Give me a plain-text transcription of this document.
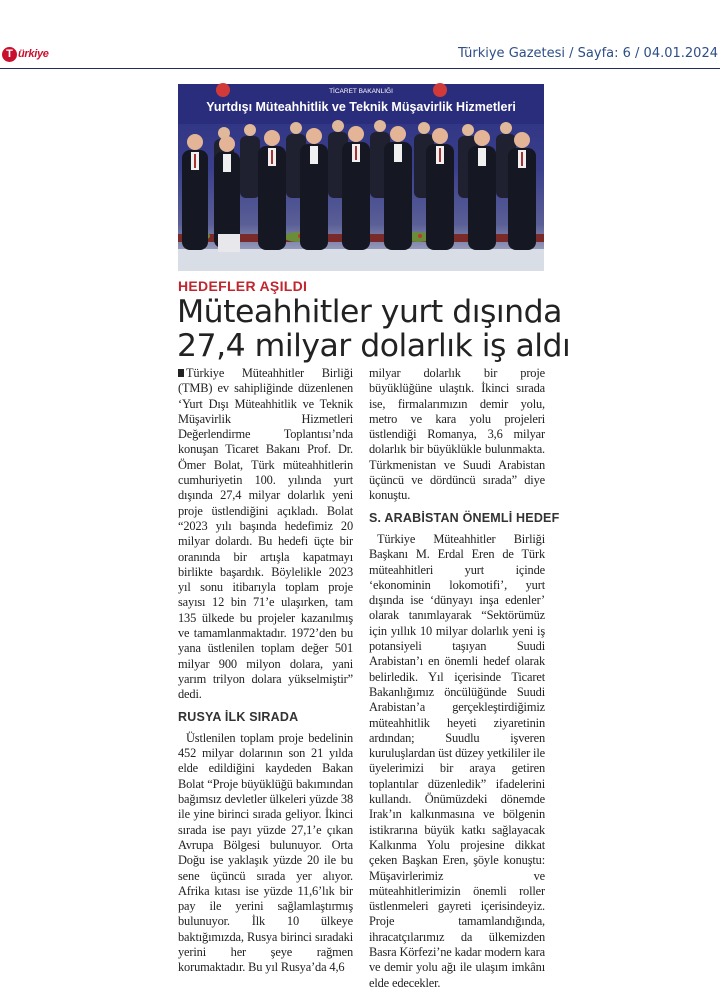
T ürkiye	Türkiye Gazetesi / Sayfa: 6 / 04.01.2024
TİCARET BAKANLIĞI
Yurtdışı Müteahhitlik ve Teknik Müşavirlik Hizmetleri
HEDEFLER AŞILDI
Müteahhitler yurt dışında
27,4 milyar dolarlık iş aldı

Türkiye Müteahhitler Birliği (TMB) ev sahipliğinde düzenlenen ‘Yurt Dışı Müteahhitlik ve Teknik Müşavirlik Hizmetleri Değerlendirme Toplantısı’nda konuşan Ticaret Bakanı Prof. Dr. Ömer Bolat, Türk müteahhitlerin cumhuriyetin 100. yılında yurt dışında 27,4 milyar dolarlık yeni proje üstlendiğini açıkladı. Bolat “2023 yılı başında hedefimiz 20 milyar dolardı. Bu hedefi üçte bir oranında bir artışla kapatmayı birlikte başardık. Böylelikle 2023 yıl sonu itibarıyla toplam proje sayısı 12 bin 71’e ulaşırken, tam 135 ülkede bu projeler kazanılmış ve tamamlanmaktadır. 1972’den bu yana üstlenilen toplam değer 501 milyar 900 milyon dolara, yani yarım trilyon dolara yükselmiştir” dedi.

RUSYA İLK SIRADA

Üstlenilen toplam proje bedelinin 452 milyar dolarının son 21 yılda elde edildiğini kaydeden Bakan Bolat “Proje büyüklüğü bakımından bağımsız devletler ülkeleri yüzde 38 ile yine birinci sırada geliyor. İkinci sırada ise payı yüzde 27,1’e çıkan Avrupa Bölgesi bulunuyor. Orta Doğu ise yaklaşık yüzde 20 ile bu sene üçüncü sırada yer alıyor. Afrika kıtası ise yüzde 11,6’lık bir pay ile yerini sağlamlaştırmış bulunuyor. İlk 10 ülkeye baktığımızda, Rusya birinci sıradaki yerini her şeye rağmen korumaktadır. Bu yıl Rusya’da 4,6

milyar dolarlık bir proje büyüklüğüne ulaştık. İkinci sırada ise, firmalarımızın demir yolu, metro ve kara yolu projeleri üstlendiği Romanya, 3,6 milyar dolarlık bir büyüklükle bulunmakta. Türkmenistan ve Suudi Arabistan üçüncü ve dördüncü sırada” diye konuştu.

S. ARABİSTAN ÖNEMLİ HEDEF

Türkiye Müteahhitler Birliği Başkanı M. Erdal Eren de Türk müteahhitleri yurt içinde ‘ekonominin lokomotifi’, yurt dışında ise ‘dünyayı inşa edenler’ olarak tanımlayarak “Sektörümüz için yıllık 10 milyar dolarlık yeni iş potansiyeli taşıyan Suudi Arabistan’ı en önemli hedef olarak belirledik. Yıl içerisinde Ticaret Bakanlığımız öncülüğünde Suudi Arabistan’a gerçekleştirdiğimiz müteahhitlik heyeti ziyaretinin ardından; Suudlu işveren kuruluşlardan üst düzey yetkililer ile üyelerimizi bir araya getiren toplantılar düzenledik” ifadelerini kullandı. Önümüzdeki dönemde Irak’ın kalkınmasına ve bölgenin istikrarına büyük katkı sağlayacak Kalkınma Yolu projesine dikkat çeken Başkan Eren, şöyle konuştu: Müşavirlerimiz ve müteahhitlerimizin önemli roller üstlenmeleri gayreti içerisindeyiz. Proje tamamlandığında, ihracatçılarımız da ülkemizden Basra Körfezi’ne kadar modern kara ve demir yolu ağı ile ulaşım imkânı elde edecekler.
